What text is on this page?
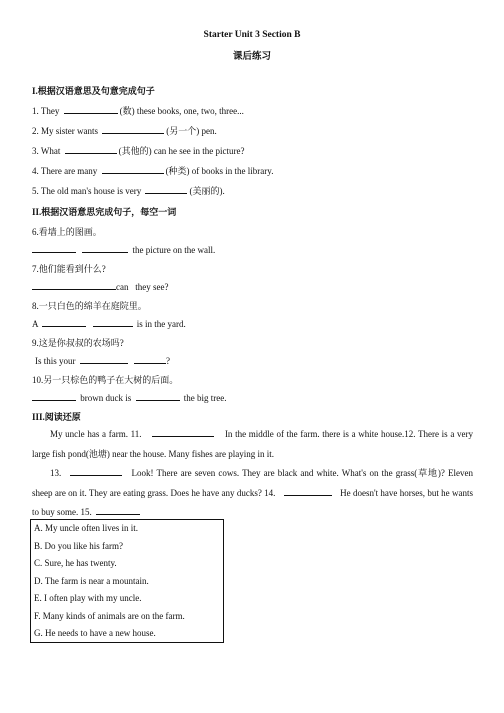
Starter Unit 3 Section B
课后练习
I.根据汉语意思及句意完成句子
1. They	(数) these books, one, two, three...
2. My sister wants	(另一个) pen.
3. What	(其他的) can he see in the picture?
4. There are many	(种类) of books in the library.
5. The old man's house is very	(美丽的).
II.根据汉语意思完成句子，每空一词
6.看墙上的图画。
the picture on the wall.
7.他们能看到什么?
can they see?
8.一只白色的绵羊在庭院里。
A	is in the yard.
9.这是你叔叔的农场吗?
Is this your	?
10.另一只棕色的鸭子在大树的后面。
brown duck is	the big tree.
III.阅读还原
My uncle has a farm. 11.	In the middle of the farm. there is a white house.12. There is a very large fish pond(池塘) near the house. Many fishes are playing in it.
13.	Look! There are seven cows. They are black and white. What's on the grass(草地)? Eleven sheep are on it. They are eating grass. Does he have any ducks? 14.	He doesn't have horses, but he wants to buy some. 15.
A. My uncle often lives in it.
B. Do you like his farm?
C. Sure, he has twenty.
D. The farm is near a mountain.
E. I often play with my uncle.
F. Many kinds of animals are on the farm.
G. He needs to have a new house.
